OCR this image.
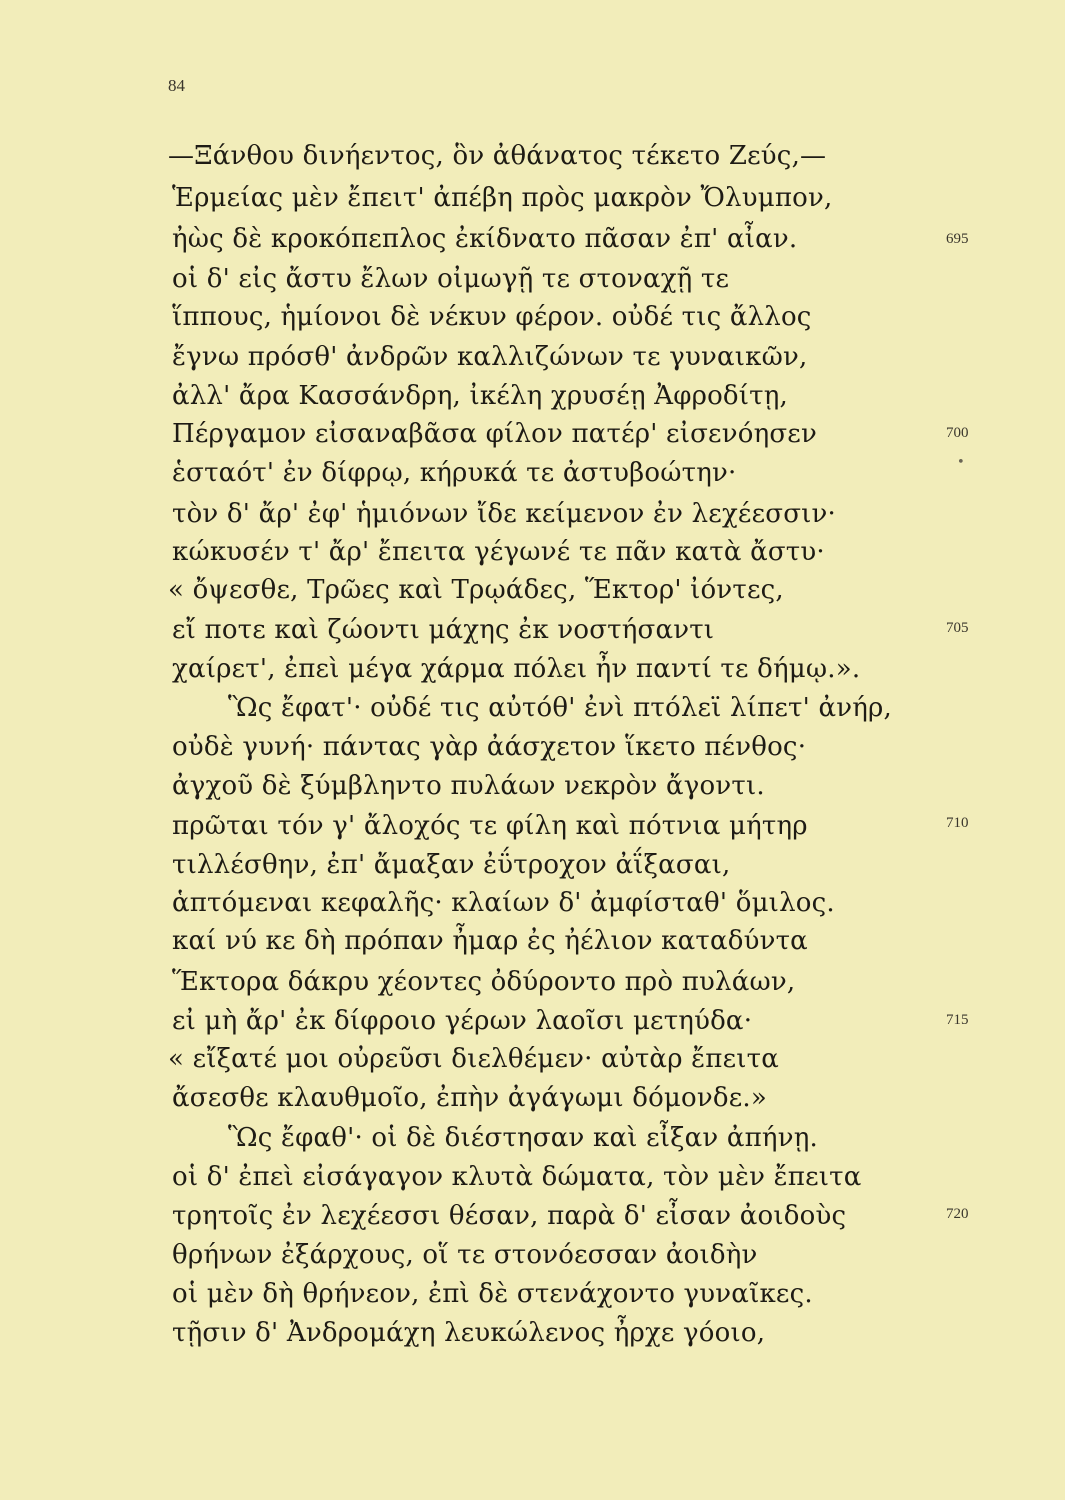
84
•
—Ξάνθου δινήεντος, ὃν ἀθάνατος τέκετο Ζεύς,—
Ἑρμείας μὲν ἔπειτ' ἀπέβη πρὸς μακρὸν Ὄλυμπον,
ἠὼς δὲ κροκόπεπλος ἐκίδνατο πᾶσαν ἐπ' αἶαν.
οἱ δ' εἰς ἄστυ ἔλων οἰμωγῇ τε στοναχῇ τε
ἵππους, ἡμίονοι δὲ νέκυν φέρον. οὐδέ τις ἄλλος
ἔγνω πρόσθ' ἀνδρῶν καλλιζώνων τε γυναικῶν,
ἀλλ' ἄρα Κασσάνδρη, ἰκέλη χρυσέῃ Ἀφροδίτῃ,
Πέργαμον εἰσαναβᾶσα φίλον πατέρ' εἰσενόησεν
ἑσταότ' ἐν δίφρῳ, κήρυκά τε ἀστυβοώτην·
τὸν δ' ἄρ' ἐφ' ἡμιόνων ἴδε κείμενον ἐν λεχέεσσιν·
κώκυσέν τ' ἄρ' ἔπειτα γέγωνέ τε πᾶν κατὰ ἄστυ·
« ὄψεσθε, Τρῶες καὶ Τρῳάδες, Ἕκτορ' ἰόντες,
εἴ ποτε καὶ ζώοντι μάχης ἐκ νοστήσαντι
χαίρετ', ἐπεὶ μέγα χάρμα πόλει ἦν παντί τε δήμῳ.».
Ὣς ἔφατ'· οὐδέ τις αὐτόθ' ἐνὶ πτόλεϊ λίπετ' ἀνήρ,
οὐδὲ γυνή· πάντας γὰρ ἀάσχετον ἵκετο πένθος·
ἀγχοῦ δὲ ξύμβληντο πυλάων νεκρὸν ἄγοντι.
πρῶται τόν γ' ἄλοχός τε φίλη καὶ πότνια μήτηρ
τιλλέσθην, ἐπ' ἄμαξαν ἐΰτροχον ἀΐξασαι,
ἁπτόμεναι κεφαλῆς· κλαίων δ' ἀμφίσταθ' ὅμιλος.
καί νύ κε δὴ πρόπαν ἦμαρ ἐς ἠέλιον καταδύντα
Ἕκτορα δάκρυ χέοντες ὀδύροντο πρὸ πυλάων,
εἰ μὴ ἄρ' ἐκ δίφροιο γέρων λαοῖσι μετηύδα·
« εἴξατέ μοι οὐρεῦσι διελθέμεν· αὐτὰρ ἔπειτα
ἄσεσθε κλαυθμοῖο, ἐπὴν ἀγάγωμι δόμονδε.»
Ὣς ἔφαθ'· οἱ δὲ διέστησαν καὶ εἶξαν ἀπήνῃ.
οἱ δ' ἐπεὶ εἰσάγαγον κλυτὰ δώματα, τὸν μὲν ἔπειτα
τρητοῖς ἐν λεχέεσσι θέσαν, παρὰ δ' εἶσαν ἀοιδοὺς
θρήνων ἐξάρχους, οἵ τε στονόεσσαν ἀοιδὴν
οἱ μὲν δὴ θρήνεον, ἐπὶ δὲ στενάχοντο γυναῖκες.
τῇσιν δ' Ἀνδρομάχη λευκώλενος ἦρχε γόοιο,
695
700
705
710
715
720
